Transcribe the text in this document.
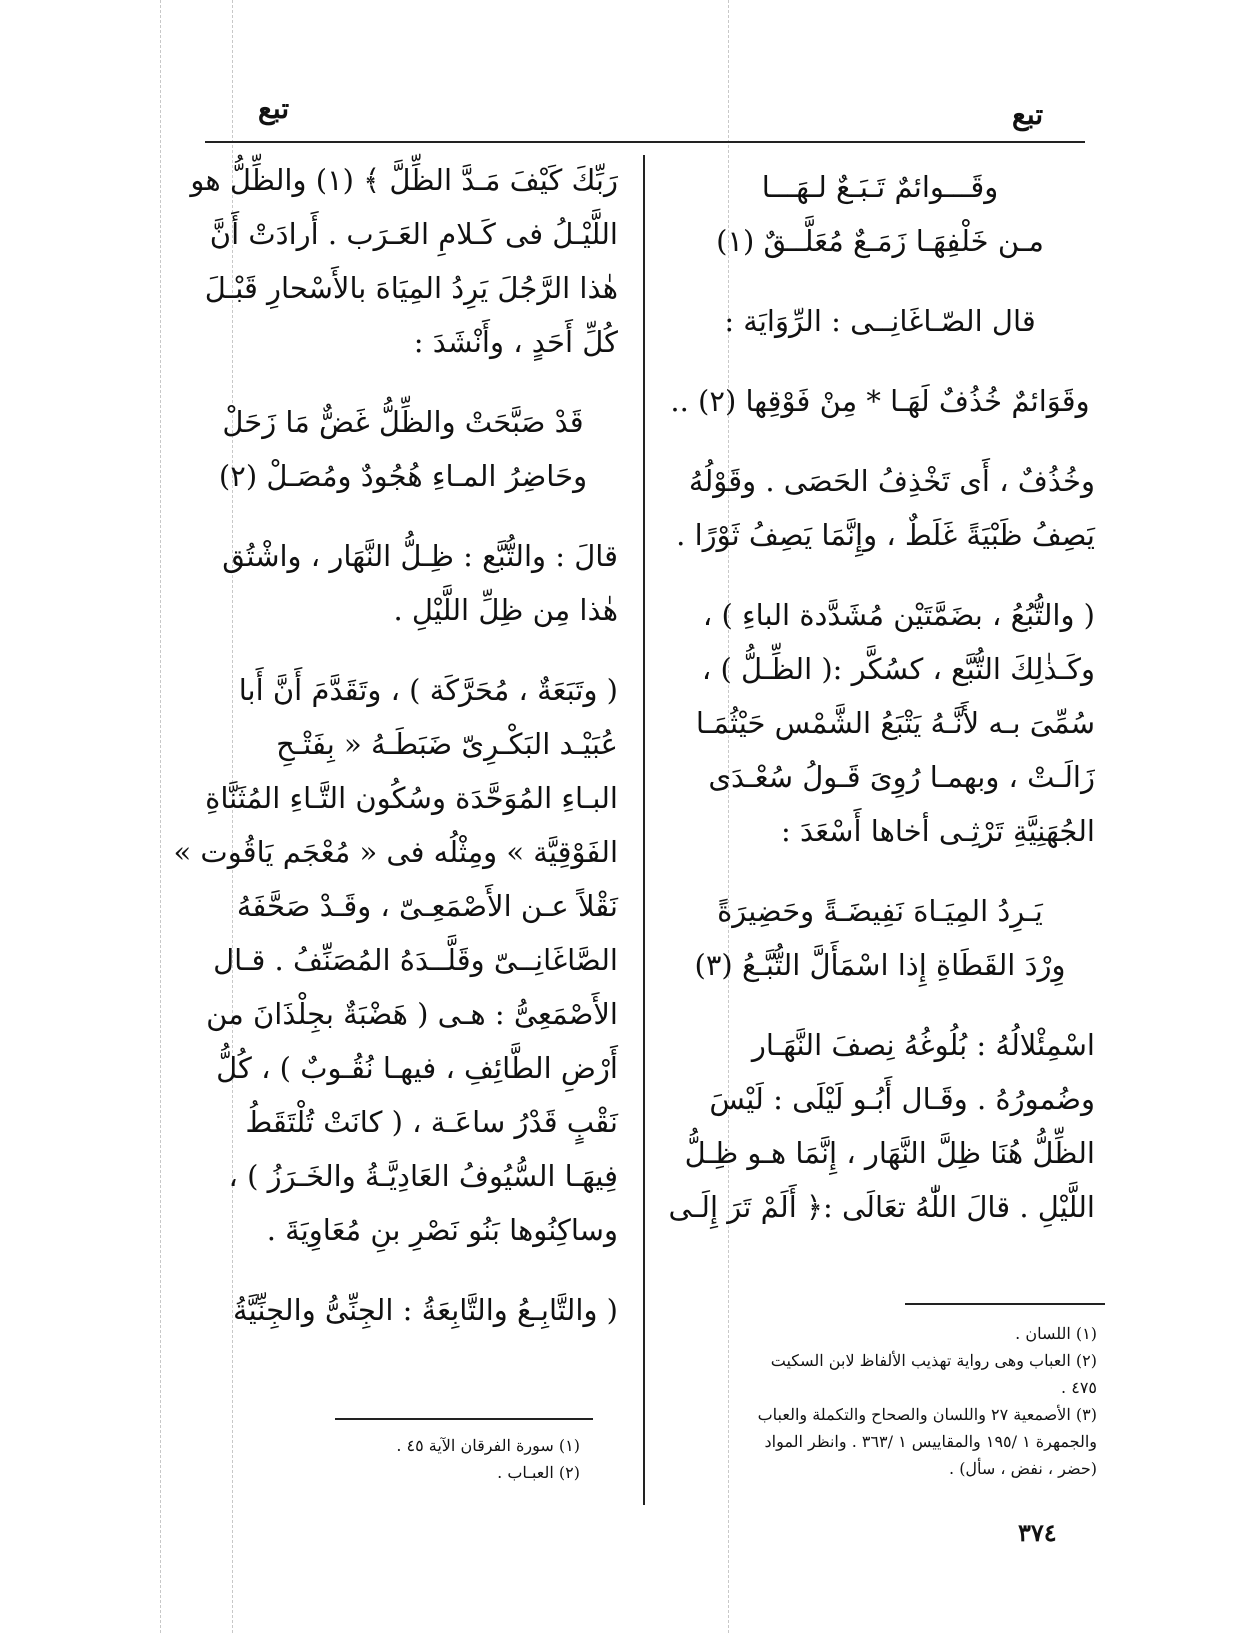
تبع
تبع
وقَـــوائمٌ تَـبَـعٌ لـهَـــا
مـن خَلْفِهَـا زَمَـعٌ مُعَلَّــقٌ (١)
قال الصّـاغَانِــى : الرِّوَايَة :
وقَوَائمٌ خُذُفٌ لَهَـا * مِنْ فَوْقِها (٢) ..
وخُذُفٌ ، أَى تَخْذِفُ الحَصَى . وقَوْلُهُ
يَصِفُ ظَبْيَةً غَلَطٌ ، وإِنَّمَا يَصِفُ ثَوْرًا .
( والتُّبُعُ ، بضَمَّتَيْن مُشَدَّدة الباءِ ) ،
وكَـذٰلِكَ التُّبَّع ، كسُكَّر :( الظِّـلُّ ) ،
سُمِّىَ بـه لأَنَّـهُ يَتْبَعُ الشَّمْس حَيْثُمَـا
زَالَـتْ ، وبهمـا رُوِىَ قَـولُ سُعْـدَى
الجُهَنِيَّةِ تَرْثِـى أخاها أَسْعَدَ :
يَـرِدُ المِيَـاهَ نَفِيضَـةً وحَضِيرَةً
وِرْدَ القَطَاةِ إِذا اسْمَأَلَّ التُّبَّـعُ (٣)
اسْمِئْلالُهُ : بُلُوغُهُ نِصفَ النَّهَـار
وضُمورُهُ . وقَـال أَبُـو لَيْلَى : لَيْسَ
الظِّلُّ هُنَا ظِلَّ النَّهَار ، إِنَّمَا هـو ظِـلُّ
اللَّيْلِ . قالَ اللّٰهُ تعَالَى :﴿ أَلَمْ تَرَ إِلَـى
(١) اللسان .
(٢) العباب وهى رواية تهذيب الألفاظ لابن السكيت
٤٧٥ .
(٣) الأصمعية ٢٧ واللسان والصحاح والتكملة والعباب
والجمهرة ١ /١٩٥ والمقاييس ١ /٣٦٣ . وانظر المواد
(حضر ، نفض ، سأل) .
رَبِّكَ كَيْفَ مَـدَّ الظِّلَّ ﴾ (١) والظِّلُّ هو
اللَّيْـلُ فى كَـلامِ العَـرَب . أَرادَتْ أَنَّ
هٰذا الرَّجُلَ يَرِدُ المِيَاهَ بالأَسْحارِ قَبْـلَ
كُلِّ أَحَدٍ ، وأَنْشَدَ :
قَدْ صَبَّحَتْ والظِّلُّ غَضٌّ مَا زَحَلْ
وحَاضِرُ المـاءِ هُجُودٌ ومُصَـلْ (٢)
قالَ : والتُّبَّع : ظِـلُّ النَّهَار ، واشْتُق
هٰذا مِن ظِلِّ اللَّيْلِ .
( وتَبَعَةٌ ، مُحَرَّكَة ) ، وتَقَدَّمَ أَنَّ أَبا
عُبَيْـد البَكْـرِىّ ضَبَطَـهُ « بِفَتْـحِ
البـاءِ المُوَحَّدَة وسُكُون التَّـاءِ المُثَنَّاةِ
الفَوْقِيَّة » ومِثْلُه فى « مُعْجَم يَاقُوت »
نَقْلاً عـن الأَصْمَعِـىّ ، وقَـدْ صَحَّفَهُ
الصَّاغَانِــىّ وقَلَّــدَهُ المُصَنِّفُ . قـال
الأَصْمَعِىُّ : هـى ( هَضْبَةٌ بجِلْذَانَ من
أَرْضِ الطَّائِفِ ، فيهـا نُقُـوبٌ ) ، كُلُّ
نَقْبٍ قَدْرُ ساعَـة ، ( كانَتْ تُلْتَقَطُ
فِيهَـا السُّيُوفُ العَادِيَّـةُ والخَـرَزُ ) ،
وساكِنُوها بَنُو نَصْرِ بنِ مُعَاوِيَةَ .
( والتَّابِـعُ والتَّابِعَةُ : الجِنِّىُّ والجِنِّيَّةُ
(١) سورة الفرقان الآية ٤٥ .
(٢) العبـاب .
٣٧٤
